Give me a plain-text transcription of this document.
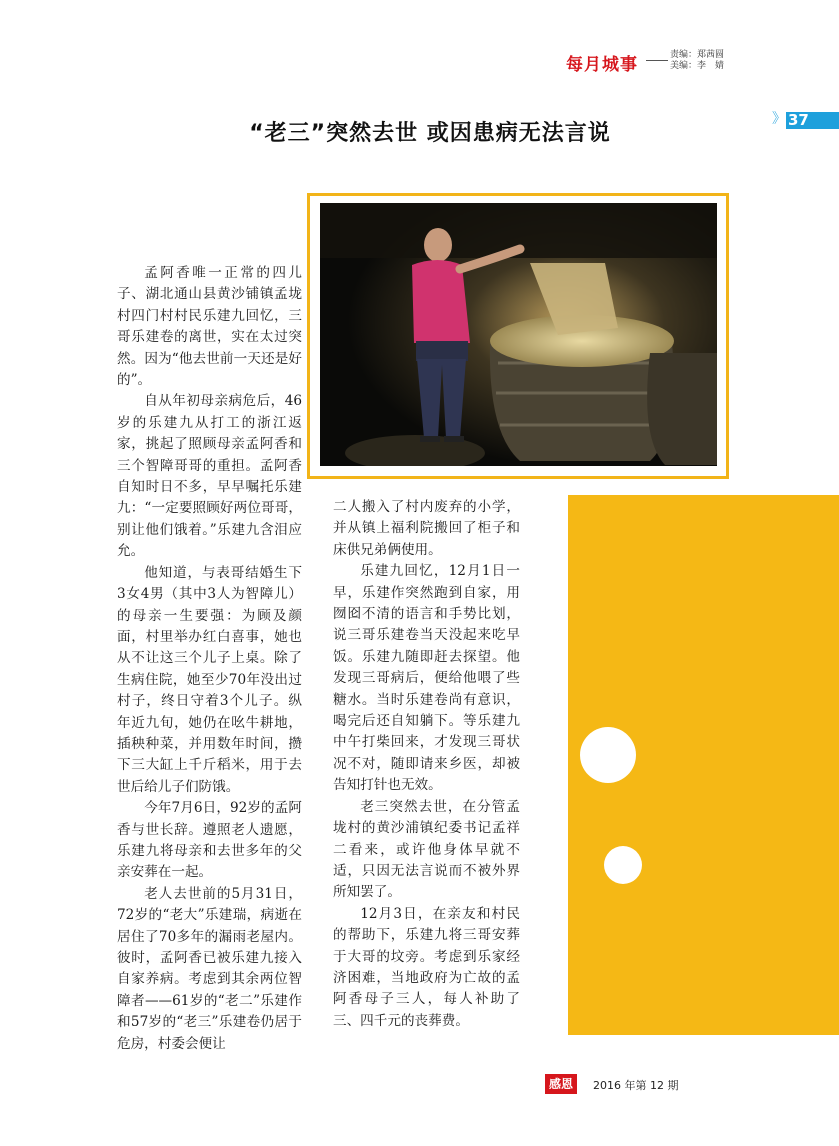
每月城事	责编：郑茜圆
美编：李　婧
》 37
“老三”突然去世 或因患病无法言说

孟阿香唯一正常的四儿子、湖北通山县黄沙铺镇孟垅村四门村村民乐建九回忆，三哥乐建卷的离世，实在太过突然。因为“他去世前一天还是好的”。

自从年初母亲病危后，46岁的乐建九从打工的浙江返家，挑起了照顾母亲孟阿香和三个智障哥哥的重担。孟阿香自知时日不多，早早嘱托乐建九：“一定要照顾好两位哥哥，别让他们饿着。”乐建九含泪应允。

他知道，与表哥结婚生下3女4男（其中3人为智障儿）的母亲一生要强：为顾及颜面，村里举办红白喜事，她也从不让这三个儿子上桌。除了生病住院，她至少70年没出过村子，终日守着3个儿子。纵年近九旬，她仍在吆牛耕地，插秧种菜，并用数年时间，攒下三大缸上千斤稻米，用于去世后给儿子们防饿。

今年7月6日，92岁的孟阿香与世长辞。遵照老人遗愿，乐建九将母亲和去世多年的父亲安葬在一起。

老人去世前的5月31日，72岁的“老大”乐建瑞，病逝在居住了70多年的漏雨老屋内。彼时，孟阿香已被乐建九接入自家养病。考虑到其余两位智障者——61岁的“老二”乐建作和57岁的“老三”乐建卷仍居于危房，村委会便让

二人搬入了村内废弃的小学，并从镇上福利院搬回了柜子和床供兄弟俩使用。

乐建九回忆，12月1日一早，乐建作突然跑到自家，用囫囵不清的语言和手势比划，说三哥乐建卷当天没起来吃早饭。乐建九随即赶去探望。他发现三哥病后，便给他喂了些糖水。当时乐建卷尚有意识，喝完后还自知躺下。等乐建九中午打柴回来，才发现三哥状况不对，随即请来乡医，却被告知打针也无效。

老三突然去世，在分管孟垅村的黄沙浦镇纪委书记孟祥二看来，或许他身体早就不适，只因无法言说而不被外界所知罢了。

12月3日，在亲友和村民的帮助下，乐建九将三哥安葬于大哥的坟旁。考虑到乐家经济困难，当地政府为亡故的孟阿香母子三人，每人补助了三、四千元的丧葬费。

感恩	2016 年第 12 期
